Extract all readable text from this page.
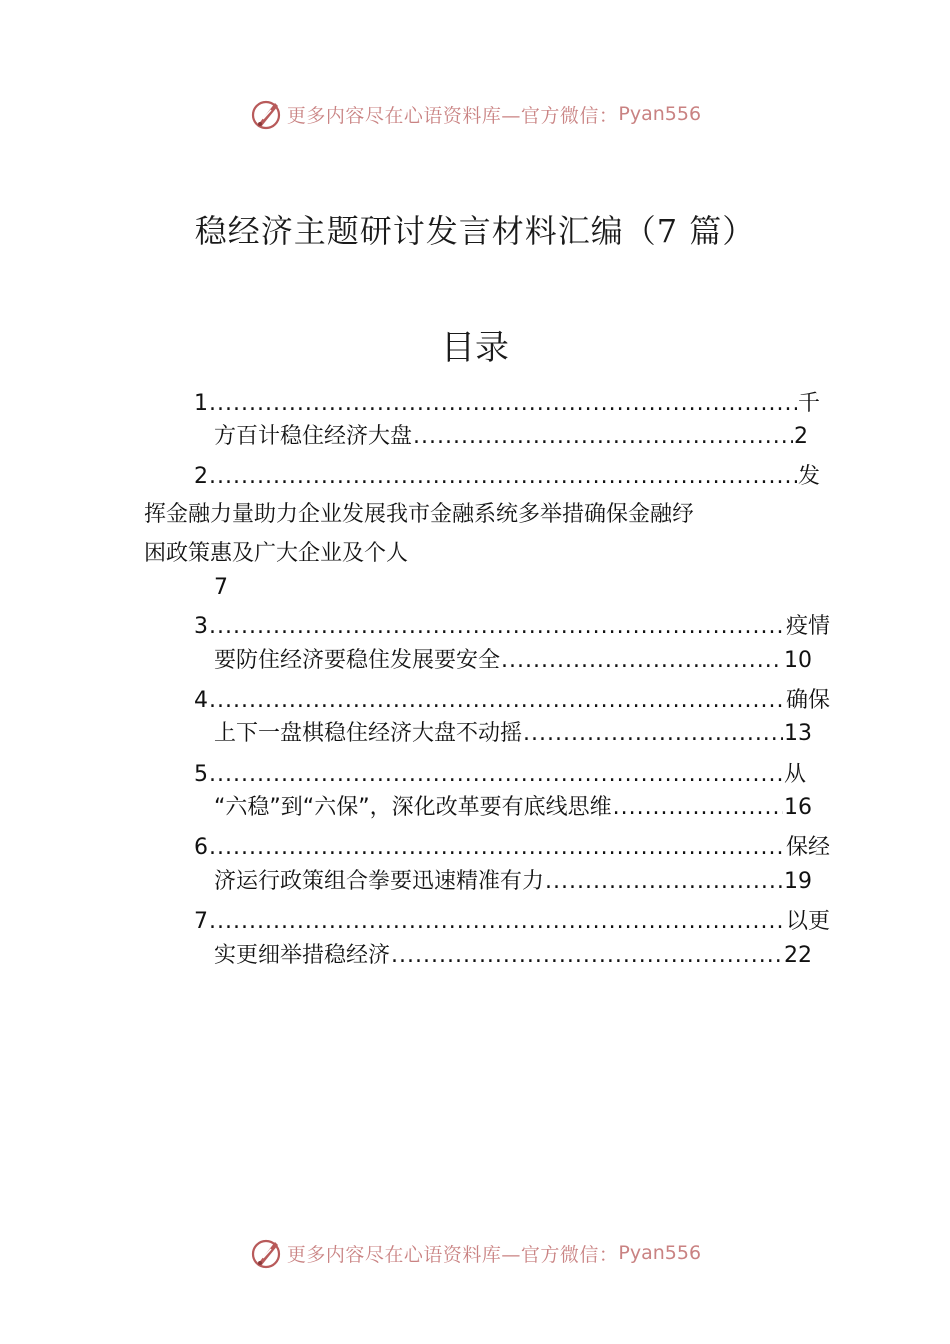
更多内容尽在心语资料库—官方微信： Pyan556
稳经济主题研讨发言材料汇编（7 篇）
目录
1 .....	千
方百计稳住经济大盘 .....	2
2 .....	发
挥金融力量助力企业发展我市金融系统多举措确保金融纾
困政策惠及广大企业及个人
7
3 .....	疫情
要防住经济要稳住发展要安全 .....	10
4 .....	确保
上下一盘棋稳住经济大盘不动摇 .....	13
5 .....	从
“六稳”到“六保”，深化改革要有底线思维 .....	16
6 .....	保经
济运行政策组合拳要迅速精准有力 .....	19
7 .....	以更
实更细举措稳经济 .....	22
更多内容尽在心语资料库—官方微信： Pyan556
